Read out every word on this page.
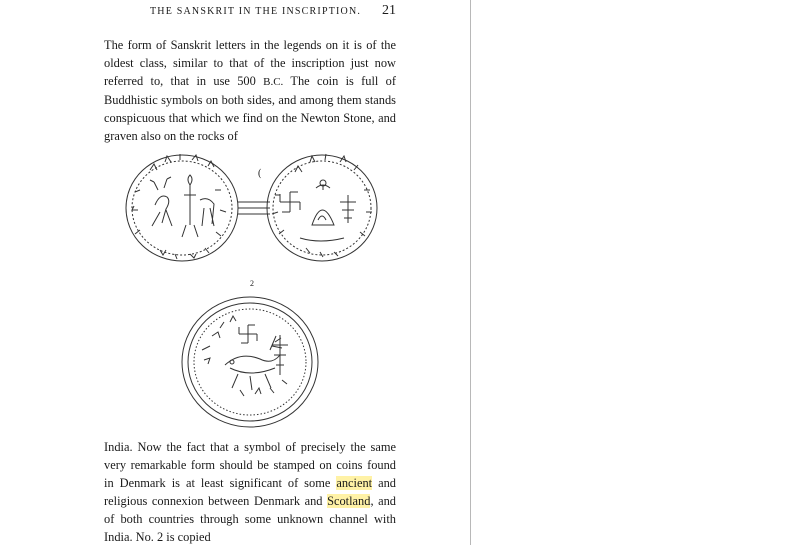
THE SANSKRIT IN THE INSCRIPTION.	21
The form of Sanskrit letters in the legends on it is of the oldest class, similar to that of the inscription just now referred to, that in use 500 B.C. The coin is full of Buddhistic symbols on both sides, and among them stands conspicuous that which we find on the Newton Stone, and graven also on the rocks of
(
2
India. Now the fact that a symbol of precisely the same very remarkable form should be stamped on coins found in Denmark is at least significant of some ancient and religious connexion between Denmark and Scotland, and of both countries through some unknown channel with India. No. 2 is copied
